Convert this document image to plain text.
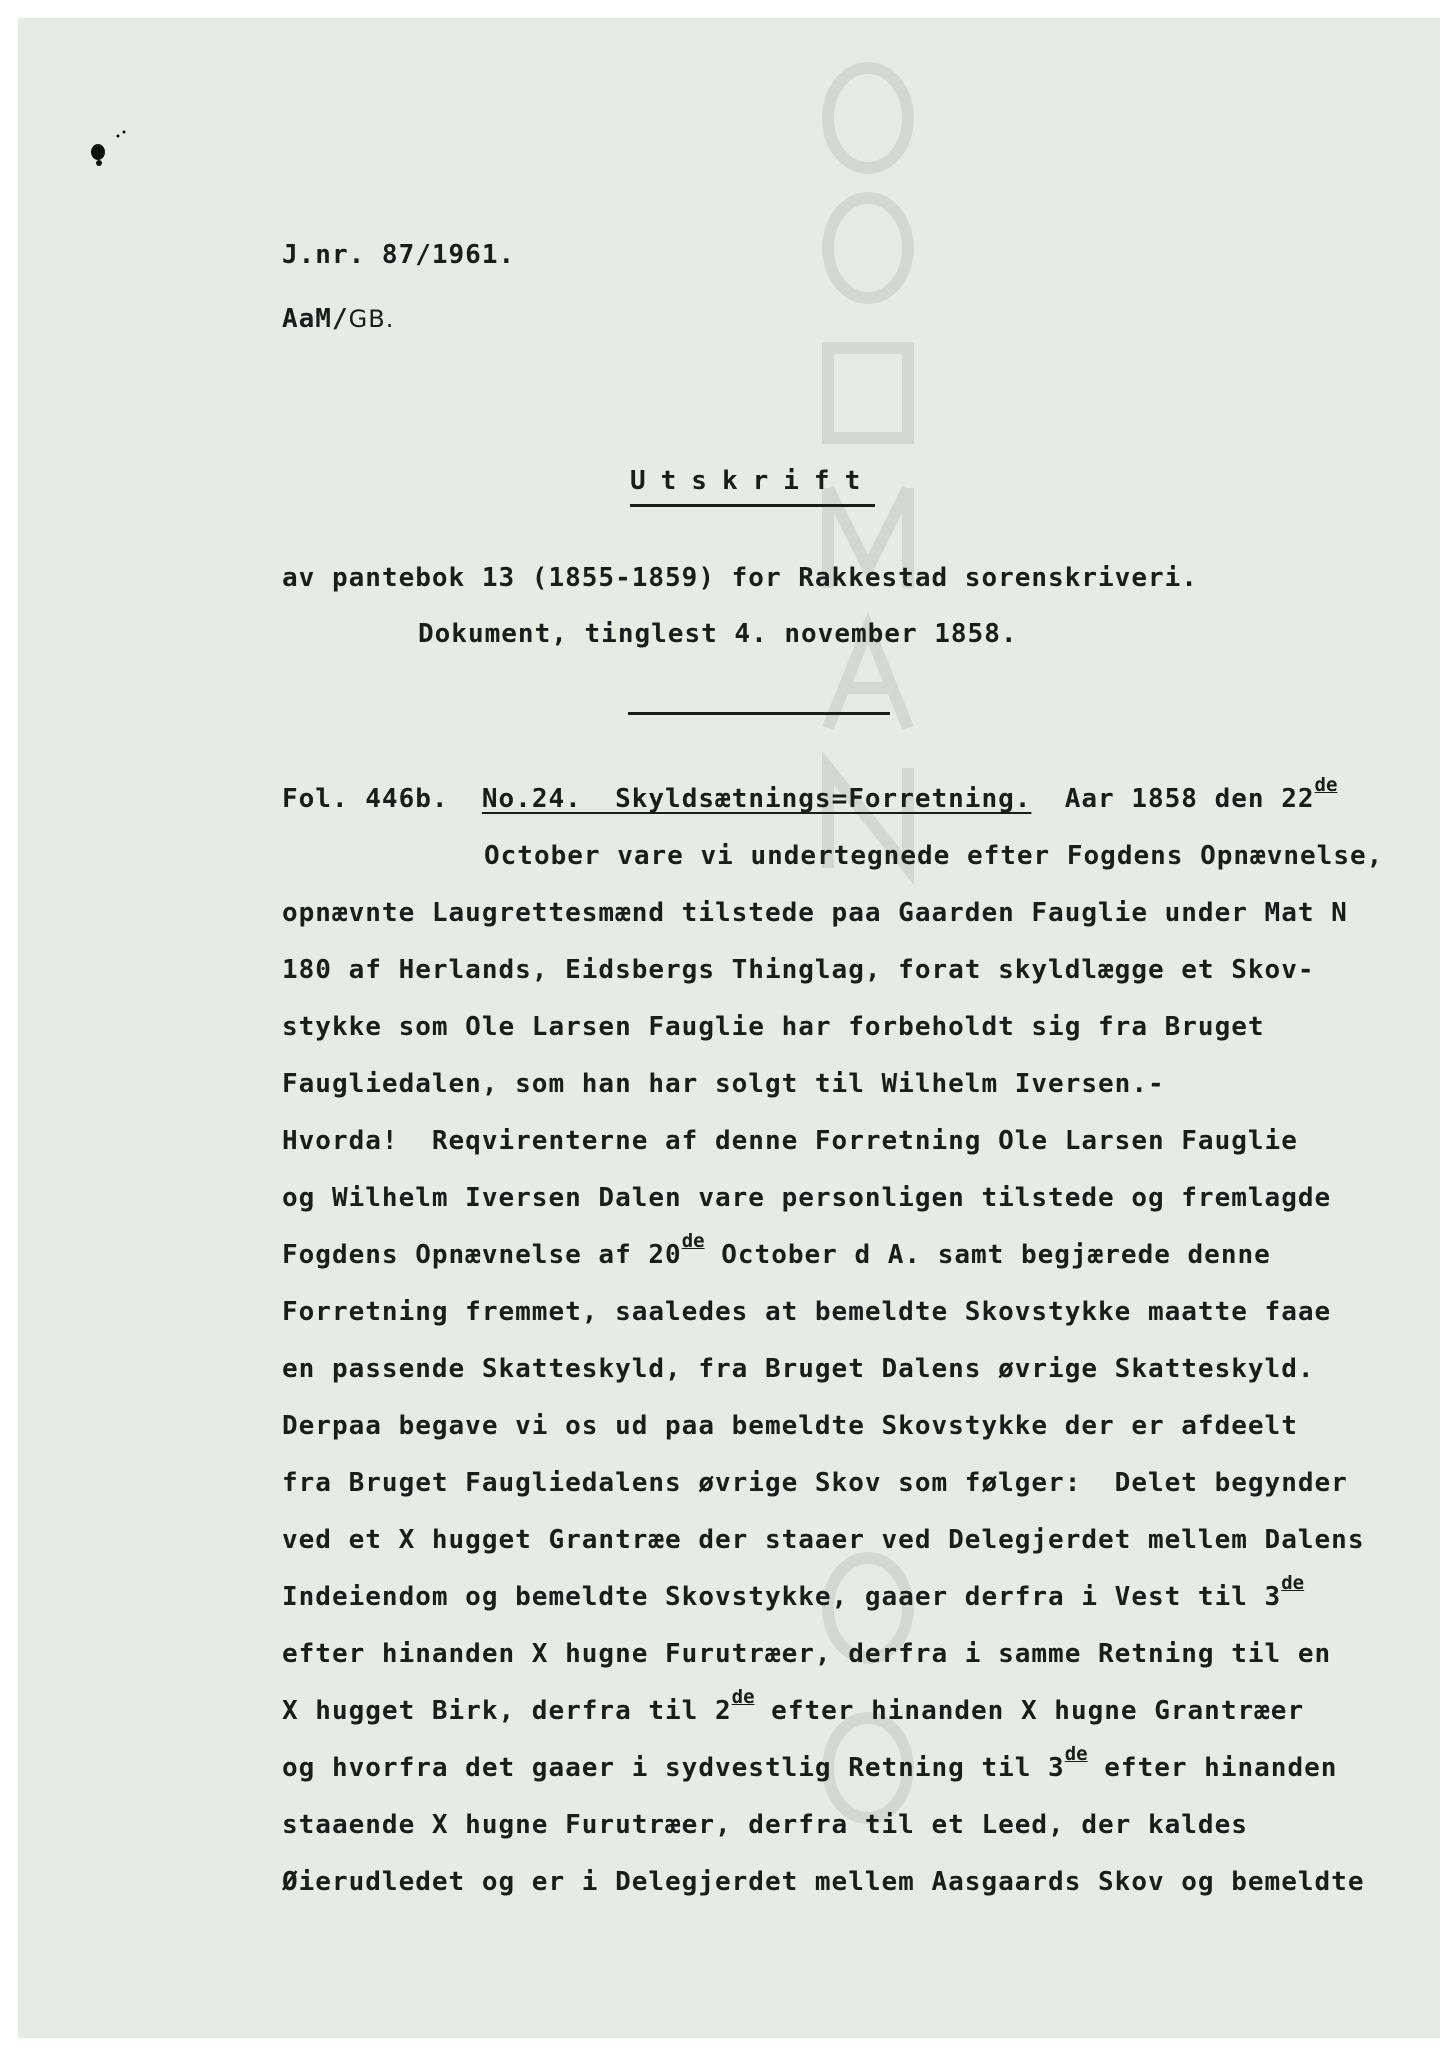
J.nr. 87/1961.
AaM/GB.
Utskrift
av pantebok 13 (1855-1859) for Rakkestad sorenskriveri.
Dokument, tinglest 4. november 1858.
Fol. 446b. No.24.  Skyldsætnings=Forretning. Aar 1858 den 22de
October vare vi undertegnede efter Fogdens Opnævnelse,
opnævnte Laugrettesmænd tilstede paa Gaarden Fauglie under Mat N
180 af Herlands, Eidsbergs Thinglag, forat skyldlægge et Skov-
stykke som Ole Larsen Fauglie har forbeholdt sig fra Bruget
Faugliedalen, som han har solgt til Wilhelm Iversen.-
Hvorda!  Reqvirenterne af denne Forretning Ole Larsen Fauglie
og Wilhelm Iversen Dalen vare personligen tilstede og fremlagde
Fogdens Opnævnelse af 20de October d A. samt begjærede denne
Forretning fremmet, saaledes at bemeldte Skovstykke maatte faae
en passende Skatteskyld, fra Bruget Dalens øvrige Skatteskyld.
Derpaa begave vi os ud paa bemeldte Skovstykke der er afdeelt
fra Bruget Faugliedalens øvrige Skov som følger:  Delet begynder
ved et X hugget Grantræe der staaer ved Delegjerdet mellem Dalens
Indeiendom og bemeldte Skovstykke, gaaer derfra i Vest til 3de
efter hinanden X hugne Furutræer, derfra i samme Retning til en
X hugget Birk, derfra til 2de efter hinanden X hugne Grantræer
og hvorfra det gaaer i sydvestlig Retning til 3de efter hinanden
staaende X hugne Furutræer, derfra til et Leed, der kaldes
Øierudledet og er i Delegjerdet mellem Aasgaards Skov og bemeldte
